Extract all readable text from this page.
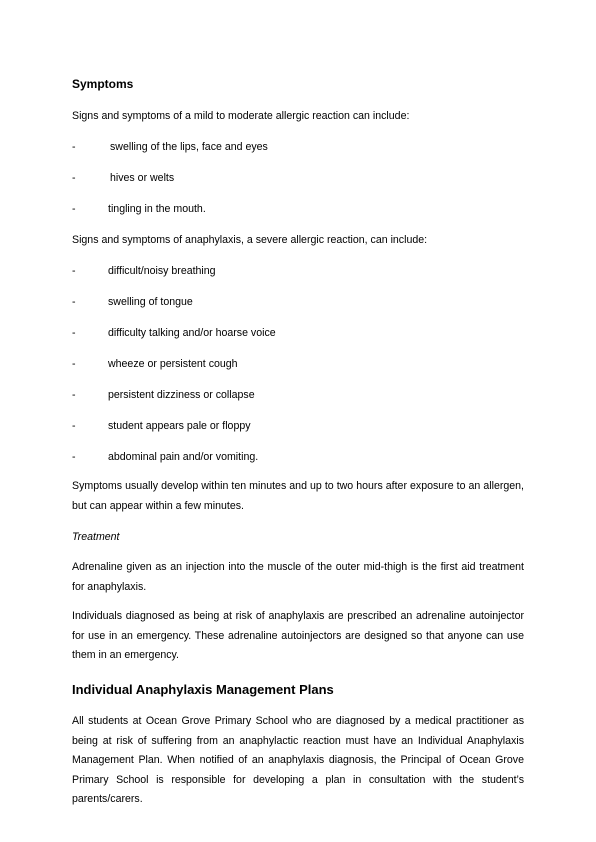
Symptoms

Signs and symptoms of a mild to moderate allergic reaction can include:

-	swelling of the lips, face and eyes
-	hives or welts
-	tingling in the mouth.

Signs and symptoms of anaphylaxis, a severe allergic reaction, can include:

-	difficult/noisy breathing
-	swelling of tongue
-	difficulty talking and/or hoarse voice
-	wheeze or persistent cough
-	persistent dizziness or collapse
-	student appears pale or floppy
-	abdominal pain and/or vomiting.

Symptoms usually develop within ten minutes and up to two hours after exposure to an allergen, but can appear within a few minutes.

Treatment

Adrenaline given as an injection into the muscle of the outer mid-thigh is the first aid treatment for anaphylaxis.

Individuals diagnosed as being at risk of anaphylaxis are prescribed an adrenaline autoinjector for use in an emergency. These adrenaline autoinjectors are designed so that anyone can use them in an emergency.

Individual Anaphylaxis Management Plans

All students at Ocean Grove Primary School who are diagnosed by a medical practitioner as being at risk of suffering from an anaphylactic reaction must have an Individual Anaphylaxis Management Plan. When notified of an anaphylaxis diagnosis, the Principal of Ocean Grove Primary School is responsible for developing a plan in consultation with the student’s parents/carers.
